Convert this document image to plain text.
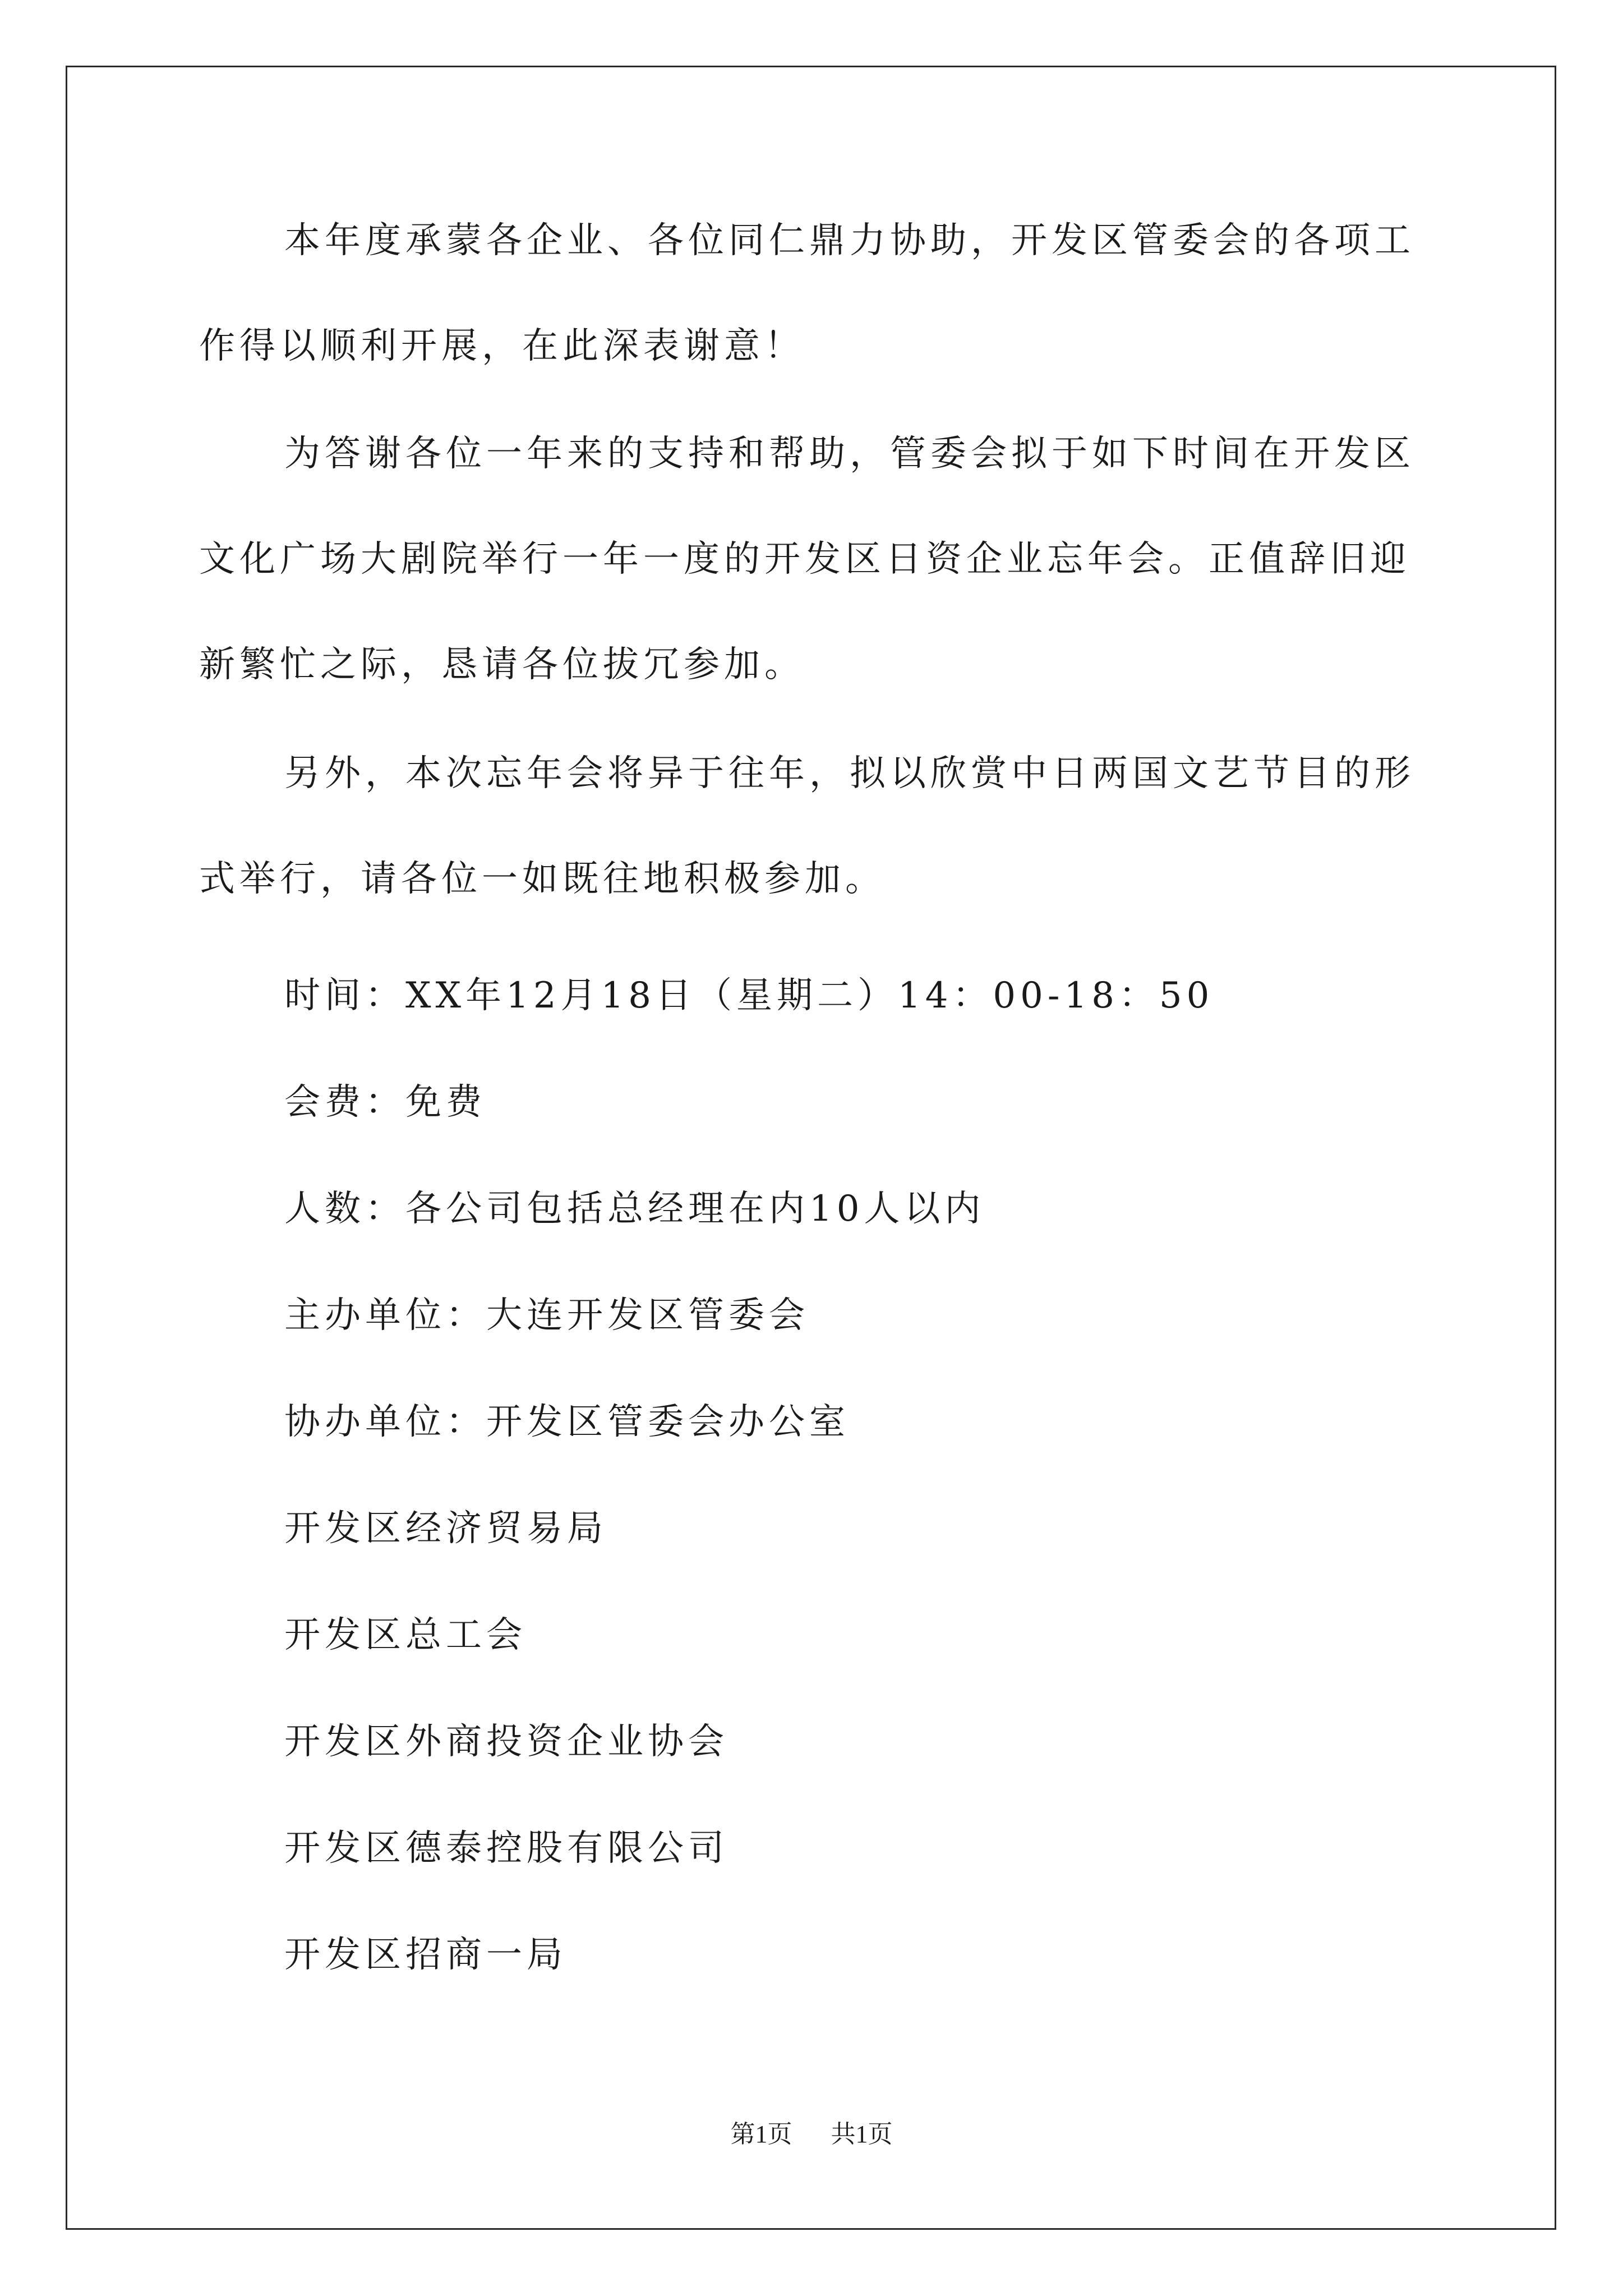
本年度承蒙各企业、各位同仁鼎力协助，开发区管委会的各项工作得以顺利开展，在此深表谢意！

为答谢各位一年来的支持和帮助，管委会拟于如下时间在开发区文化广场大剧院举行一年一度的开发区日资企业忘年会。正值辞旧迎新繁忙之际，恳请各位拔冗参加。

另外，本次忘年会将异于往年，拟以欣赏中日两国文艺节目的形式举行，请各位一如既往地积极参加。

时间：XX年12月18日（星期二）14：00-18：50

会费：免费

人数：各公司包括总经理在内10人以内

主办单位：大连开发区管委会

协办单位：开发区管委会办公室

开发区经济贸易局

开发区总工会

开发区外商投资企业协会

开发区德泰控股有限公司

开发区招商一局

第1页 共1页
